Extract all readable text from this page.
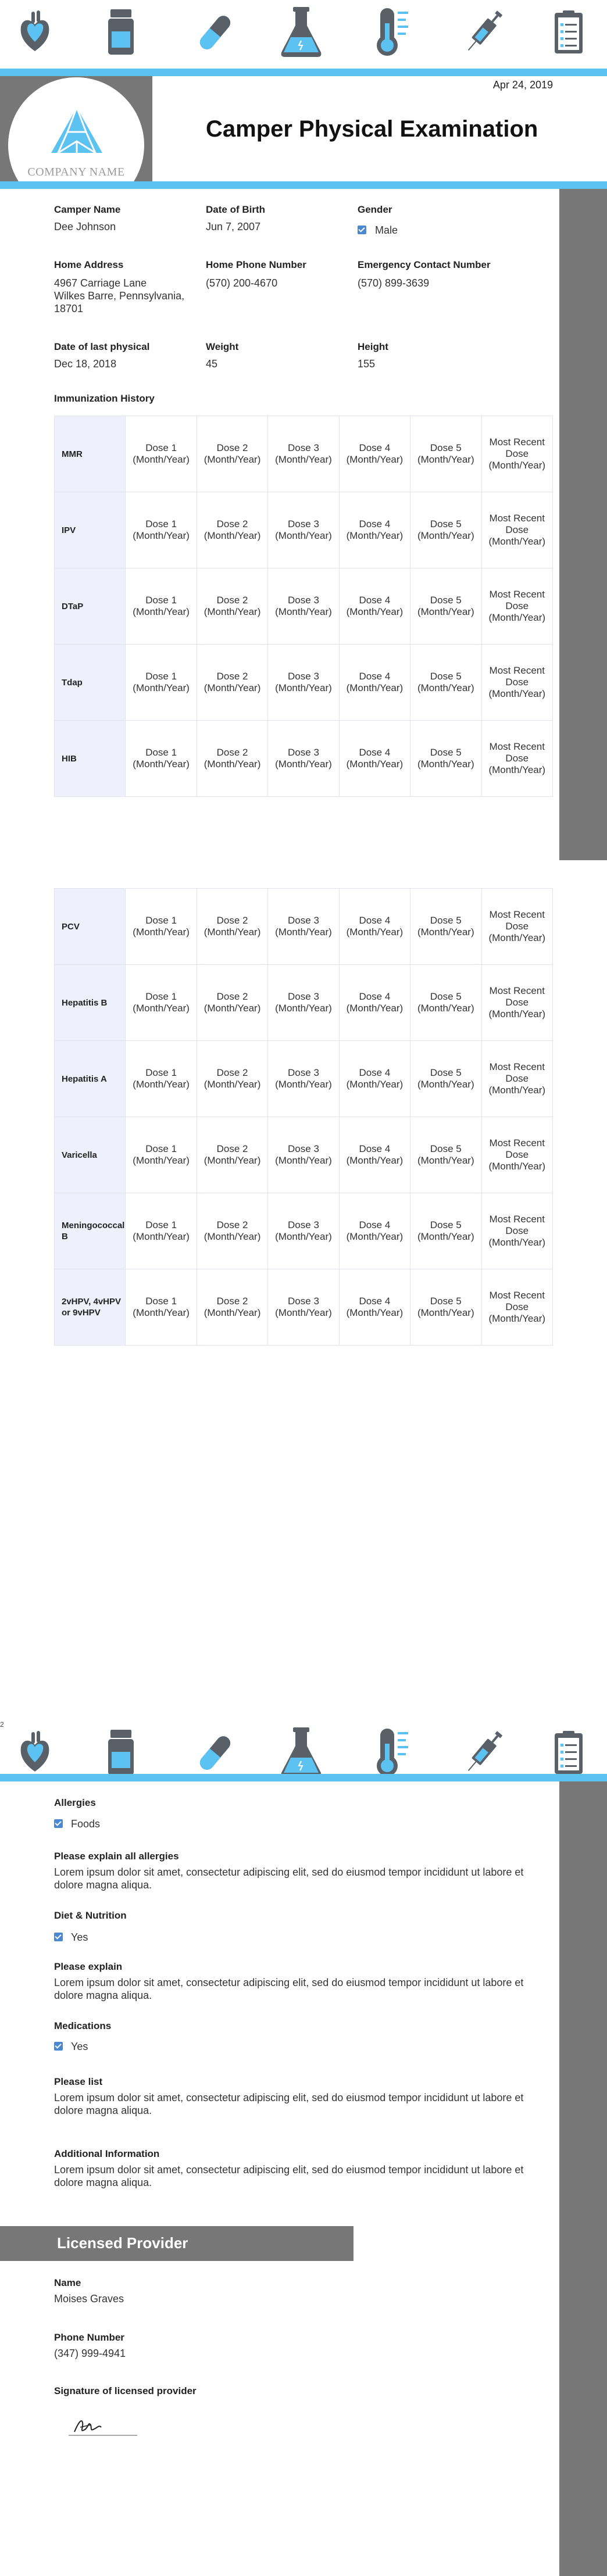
COMPANY NAME
Apr 24, 2019
Camper Physical Examination
Camper Name
Dee Johnson
Date of Birth
Jun 7, 2007
Gender
Male
Home Address
4967 Carriage Lane
Wilkes Barre, Pennsylvania,
18701
Home Phone Number
(570) 200-4670
Emergency Contact Number
(570) 899-3639
Date of last physical
Dec 18, 2018
Weight
45
Height
155
Immunization History
MMR	Dose 1 (Month/Year)	Dose 2 (Month/Year)	Dose 3 (Month/Year)	Dose 4 (Month/Year)	Dose 5 (Month/Year)	Most Recent Dose (Month/Year)
IPV	Dose 1 (Month/Year)	Dose 2 (Month/Year)	Dose 3 (Month/Year)	Dose 4 (Month/Year)	Dose 5 (Month/Year)	Most Recent Dose (Month/Year)
DTaP	Dose 1 (Month/Year)	Dose 2 (Month/Year)	Dose 3 (Month/Year)	Dose 4 (Month/Year)	Dose 5 (Month/Year)	Most Recent Dose (Month/Year)
Tdap	Dose 1 (Month/Year)	Dose 2 (Month/Year)	Dose 3 (Month/Year)	Dose 4 (Month/Year)	Dose 5 (Month/Year)	Most Recent Dose (Month/Year)
HIB	Dose 1 (Month/Year)	Dose 2 (Month/Year)	Dose 3 (Month/Year)	Dose 4 (Month/Year)	Dose 5 (Month/Year)	Most Recent Dose (Month/Year)
PCV	Dose 1 (Month/Year)	Dose 2 (Month/Year)	Dose 3 (Month/Year)	Dose 4 (Month/Year)	Dose 5 (Month/Year)	Most Recent Dose (Month/Year)
Hepatitis B	Dose 1 (Month/Year)	Dose 2 (Month/Year)	Dose 3 (Month/Year)	Dose 4 (Month/Year)	Dose 5 (Month/Year)	Most Recent Dose (Month/Year)
Hepatitis A	Dose 1 (Month/Year)	Dose 2 (Month/Year)	Dose 3 (Month/Year)	Dose 4 (Month/Year)	Dose 5 (Month/Year)	Most Recent Dose (Month/Year)
Varicella	Dose 1 (Month/Year)	Dose 2 (Month/Year)	Dose 3 (Month/Year)	Dose 4 (Month/Year)	Dose 5 (Month/Year)	Most Recent Dose (Month/Year)
Meningococcal B	Dose 1 (Month/Year)	Dose 2 (Month/Year)	Dose 3 (Month/Year)	Dose 4 (Month/Year)	Dose 5 (Month/Year)	Most Recent Dose (Month/Year)
2vHPV, 4vHPV or 9vHPV	Dose 1 (Month/Year)	Dose 2 (Month/Year)	Dose 3 (Month/Year)	Dose 4 (Month/Year)	Dose 5 (Month/Year)	Most Recent Dose (Month/Year)
2
Allergies
Foods
Please explain all allergies
Lorem ipsum dolor sit amet, consectetur adipiscing elit, sed do eiusmod tempor incididunt ut labore et dolore magna aliqua.
Diet & Nutrition
Yes
Please explain
Lorem ipsum dolor sit amet, consectetur adipiscing elit, sed do eiusmod tempor incididunt ut labore et dolore magna aliqua.
Medications
Yes
Please list
Lorem ipsum dolor sit amet, consectetur adipiscing elit, sed do eiusmod tempor incididunt ut labore et dolore magna aliqua.
Additional Information
Lorem ipsum dolor sit amet, consectetur adipiscing elit, sed do eiusmod tempor incididunt ut labore et dolore magna aliqua.
Licensed Provider
Name
Moises Graves
Phone Number
(347) 999-4941
Signature of licensed provider
